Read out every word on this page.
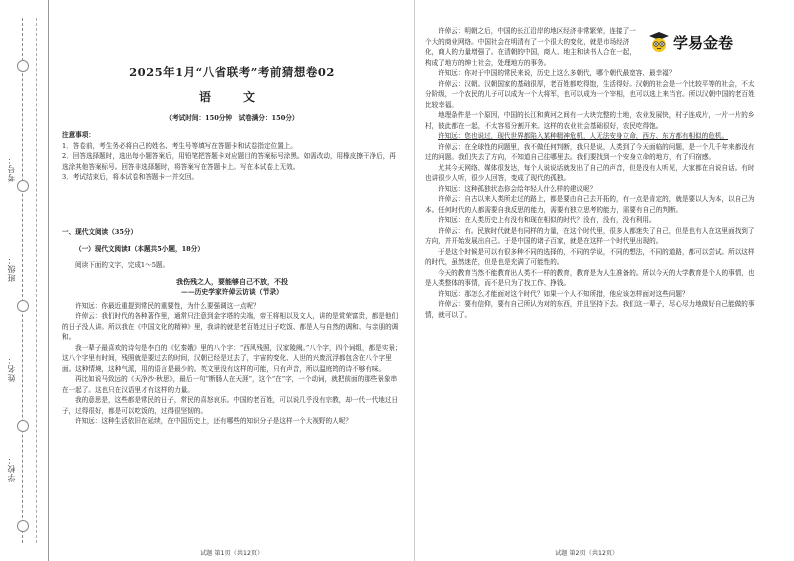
学校：
姓名：
班级：
考号：
2025年1月“八省联考”考前猜想卷02
语　文
（考试时间：150分钟　试卷满分：150分）

注意事项：

1．答卷前，考生务必将自己的姓名、考生号等填写在答题卡和试卷指定位置上。

2．回答选择题时，选出每小题答案后，用铅笔把答题卡对应题目的答案标号涂黑。如需改动，用橡皮擦干净后，再选涂其他答案标号。回答非选择题时，将答案写在答题卡上。写在本试卷上无效。

3．考试结束后，将本试卷和答题卡一并交回。

一、现代文阅读（35分）

（一）现代文阅读Ⅰ（本题共5小题，18分）

阅读下面的文字，完成1～5题。

我伤残之人，要能够自己不放，不投

——历史学家许倬云访谈（节录）

许知远：你最近重提到常民的重要性，为什么要强调这一点呢？

许倬云：我们时代的各种著作里，通常只注意到金字塔的尖端，帝王将相以及文人，讲的是赏荣富贵，都是他们的日子没人讲。所以我在《中国文化的精神》里，我讲的就是老百姓过日子吃饭、都是人与自然的调和、与亲朋的调和。

我一辈子最喜欢的诗句是李白的《忆秦娥》里的八个字：“西风残照，汉家陵阙。”八个字，四个词组，都是实景；这八个字里有时间，残照就是要过去的时间，汉朝已经是过去了，宇宙的变化、人世的兴废沉浮都包含在八个字里面。这种情境，这种气派，用的语言是最少的。英文里没有这样的可能，只有声音，所以温庭筠的诗不够有味。

再比如说马致远的《天净沙·秋思》，最后一句“断肠人在天涯”，这个“在”字，一个动词，就把前面的那些景象串在一起了。这也只在汉语里才有这样的力量。

我的意思是，这些都是常民的日子，常民的喜怒哀乐。中国的老百姓，可以说几乎没有宗教，却一代一代地过日子，过得很好，都是可以吃饭的，过得很坚韧的。

许知远：这种生活依旧在延续，在中国历史上，还有哪些的知识分子是这样一个大视野的人呢？

试题 第1页（共12页）
学易金卷

许倬云：明朝之后，中国的长江沿岸的地区经济非常繁荣，连接了一个大的商业网络。中国社会在明清有了一个很大的变化，就是市场经济化，商人的力量增强了。在清朝的中国，商人、地主和读书人合在一起，构成了地方的绅士社会，处理地方的事务。

许知远：你对于中国的常民来说，历史上这么多朝代，哪个朝代最宽容、最幸福？

许倬云：汉朝。汉朝国家的基础很厚，老百姓都吃得饱，生活得好。汉朝的社会是一个比较平等的社会，不太分阶级，一个农民的儿子可以成为一个大将军，也可以成为一个宰相，也可以选上来当官。所以汉朝中国的老百姓比较幸福。

地理条件是一个原因，中国的长江和黄河之间有一大块完整的土地，农业发展快，村子连成片，一片一片的乡村，彼此都在一起，不太容易分割开来。这样的农业社会基础很好，农民吃得饱。

许知远：您也说过，现代世界都陷入某种精神危机，人无法安身立命，西方、东方都有相似的危机。

许倬云：在全球性的问题里，我不做任何判断，我只是说，人类到了今天面临的问题，是一个几千年来都没有过的问题。我们失去了方向，不知道自己往哪里去。我们要找到一个安身立命的地方，有了归宿感。

尤其今天网络、媒体很发达，每个人说说话就发出了自己的声音，但是没有人听见，大家都在自说自话。有时也讲很少人听，很少人回答，变成了现代的孤独。

许知远：这种孤独状态你会给年轻人什么样的建议呢？

许倬云：自古以来人类所走过的路上，都是要由自己去开拓的，有一点是肯定的，就是要以人为本，以自己为本。任何时代的人都需要自我反思的能力，需要有独立思考的能力，需要有自己的判断。

许知远：在人类历史上有没有和现在相似的时代？没有，没有，没有利用。

许倬云：有。民族时代就是有同样的力量，在这个时代里，很多人都迷失了自己，但是也有人在这里面找到了方向，并开始发展出自己。于是中国的诸子百家，就是在这样一个时代里出现的。

于是这个时候是可以有很多种不同的选择的，不同的学说，不同的想法，不同的道路，都可以尝试。所以这样的时代，虽然迷茫，但是也是充满了可能性的。

今天的教育当然不能教育出人类不一样的教育，教育是为人生准备的。所以今天的大学教育是个人的事情，也是人类整体的事情，而不是只为了找工作、挣钱。

许知远：那怎么才能面对这个时代？如果一个人不知所措，他应该怎样面对这些问题？

许倬云：要有信仰，要有自己所认为对的东西，并且坚持下去。我们这一辈子，尽心尽力地做好自己能做的事情，就可以了。

试题 第2页（共12页）
